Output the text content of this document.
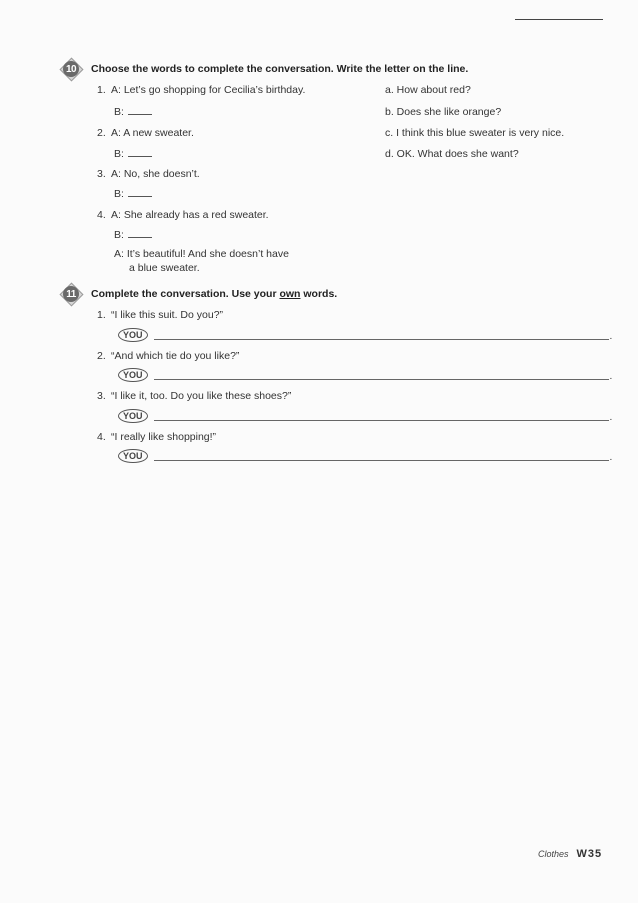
10 Choose the words to complete the conversation. Write the letter on the line.
1. A: Let’s go shopping for Cecilia’s birthday.
B:
2. A: A new sweater.
B:
3. A: No, she doesn’t.
B:
4. A: She already has a red sweater.
B:
A: It’s beautiful! And she doesn’t have
a blue sweater.
a. How about red?
b. Does she like orange?
c. I think this blue sweater is very nice.
d. OK. What does she want?
11	Complete the conversation. Use your own words.
1. “I like this suit. Do you?”
YOU	.
2. “And which tie do you like?”
YOU	.
3. “I like it, too. Do you like these shoes?”
YOU	.
4. “I really like shopping!”
YOU	.
Clothes W35
